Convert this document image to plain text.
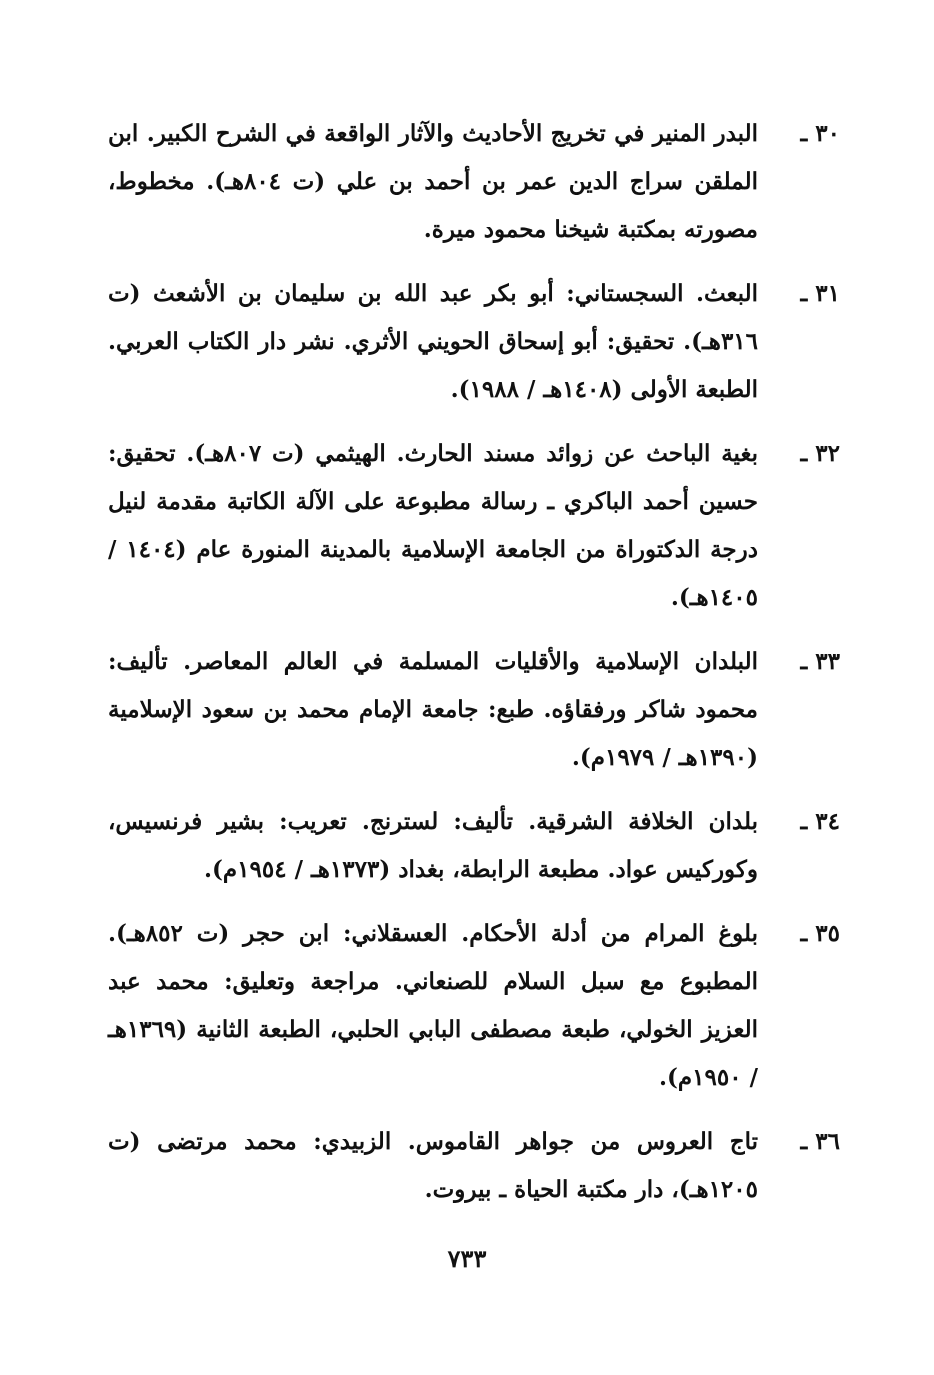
٣٠ ـ
البدر المنير في تخريج الأحاديث والآثار الواقعة في الشرح الكبير. ابن الملقن سراج الدين عمر بن أحمد بن علي (ت ٨٠٤هـ). مخطوط، مصورته بمكتبة شيخنا محمود ميرة.
٣١ ـ
البعث. السجستاني: أبو بكر عبد الله بن سليمان بن الأشعث (ت ٣١٦هـ). تحقيق: أبو إسحاق الحويني الأثري. نشر دار الكتاب العربي. الطبعة الأولى (١٤٠٨هـ / ١٩٨٨).
٣٢ ـ
بغية الباحث عن زوائد مسند الحارث. الهيثمي (ت ٨٠٧هـ). تحقيق: حسين أحمد الباكري ـ رسالة مطبوعة على الآلة الكاتبة مقدمة لنيل درجة الدكتوراة من الجامعة الإسلامية بالمدينة المنورة عام (١٤٠٤ / ١٤٠٥هـ).
٣٣ ـ
البلدان الإسلامية والأقليات المسلمة في العالم المعاصر. تأليف: محمود شاكر ورفقاؤه. طبع: جامعة الإمام محمد بن سعود الإسلامية (١٣٩٠هـ / ١٩٧٩م).
٣٤ ـ
بلدان الخلافة الشرقية. تأليف: لسترنج. تعريب: بشير فرنسيس، وكوركيس عواد. مطبعة الرابطة، بغداد (١٣٧٣هـ / ١٩٥٤م).
٣٥ ـ
بلوغ المرام من أدلة الأحكام. العسقلاني: ابن حجر (ت ٨٥٢هـ). المطبوع مع سبل السلام للصنعاني. مراجعة وتعليق: محمد عبد العزيز الخولي، طبعة مصطفى البابي الحلبي، الطبعة الثانية (١٣٦٩هـ / ١٩٥٠م).
٣٦ ـ
تاج العروس من جواهر القاموس. الزبيدي: محمد مرتضى (ت ١٢٠٥هـ)، دار مكتبة الحياة ـ بيروت.
٧٣٣
